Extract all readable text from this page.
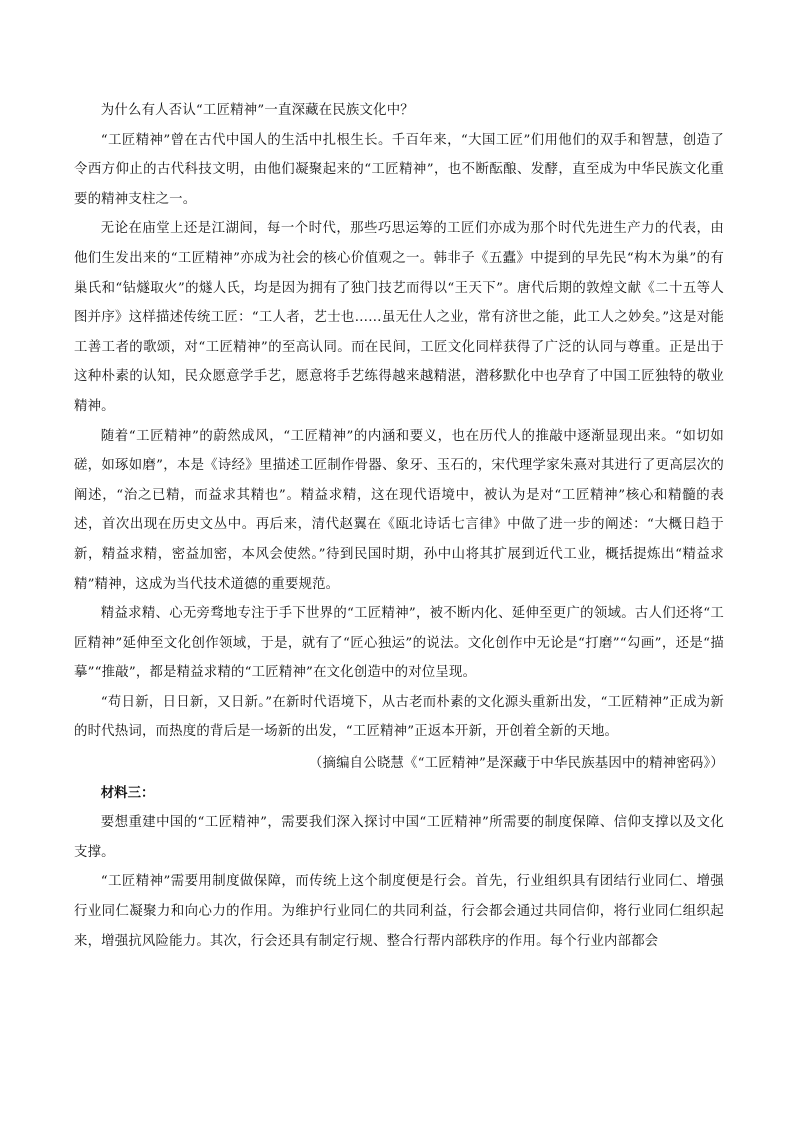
为什么有人否认“工匠精神”一直深藏在民族文化中？

“工匠精神”曾在古代中国人的生活中扎根生长。千百年来，“大国工匠”们用他们的双手和智慧，创造了令西方仰止的古代科技文明，由他们凝聚起来的“工匠精神”，也不断酝酿、发酵，直至成为中华民族文化重要的精神支柱之一。

无论在庙堂上还是江湖间，每一个时代，那些巧思运筹的工匠们亦成为那个时代先进生产力的代表，由他们生发出来的“工匠精神”亦成为社会的核心价值观之一。韩非子《五蠹》中提到的早先民“构木为巢”的有巢氏和“钻燧取火”的燧人氏，均是因为拥有了独门技艺而得以“王天下”。唐代后期的敦煌文献《二十五等人图并序》这样描述传统工匠：“工人者，艺士也……虽无仕人之业，常有济世之能，此工人之妙矣。”这是对能工善工者的歌颂，对“工匠精神”的至高认同。而在民间，工匠文化同样获得了广泛的认同与尊重。正是出于这种朴素的认知，民众愿意学手艺，愿意将手艺练得越来越精湛，潜移默化中也孕育了中国工匠独特的敬业精神。

随着“工匠精神”的蔚然成风，“工匠精神”的内涵和要义，也在历代人的推敲中逐渐显现出来。“如切如磋，如琢如磨”，本是《诗经》里描述工匠制作骨器、象牙、玉石的，宋代理学家朱熹对其进行了更高层次的阐述，“治之已精，而益求其精也”。精益求精，这在现代语境中，被认为是对“工匠精神”核心和精髓的表述，首次出现在历史文丛中。再后来，清代赵翼在《瓯北诗话七言律》中做了进一步的阐述：“大概日趋于新，精益求精，密益加密，本风会使然。”待到民国时期，孙中山将其扩展到近代工业，概括提炼出“精益求精”精神，这成为当代技术道德的重要规范。

精益求精、心无旁骛地专注于手下世界的“工匠精神”，被不断内化、延伸至更广的领域。古人们还将“工匠精神”延伸至文化创作领域，于是，就有了“匠心独运”的说法。文化创作中无论是“打磨”“勾画”，还是“描摹”“推敲”，都是精益求精的“工匠精神”在文化创造中的对位呈现。

“苟日新，日日新，又日新。”在新时代语境下，从古老而朴素的文化源头重新出发，“工匠精神”正成为新的时代热词，而热度的背后是一场新的出发，“工匠精神”正返本开新，开创着全新的天地。

（摘编自公晓慧《“工匠精神”是深藏于中华民族基因中的精神密码》）

材料三：

要想重建中国的“工匠精神”，需要我们深入探讨中国“工匠精神”所需要的制度保障、信仰支撑以及文化支撑。

“工匠精神”需要用制度做保障，而传统上这个制度便是行会。首先，行业组织具有团结行业同仁、增强行业同仁凝聚力和向心力的作用。为维护行业同仁的共同利益，行会都会通过共同信仰，将行业同仁组织起来，增强抗风险能力。其次，行会还具有制定行规、整合行帮内部秩序的作用。每个行业内部都会
